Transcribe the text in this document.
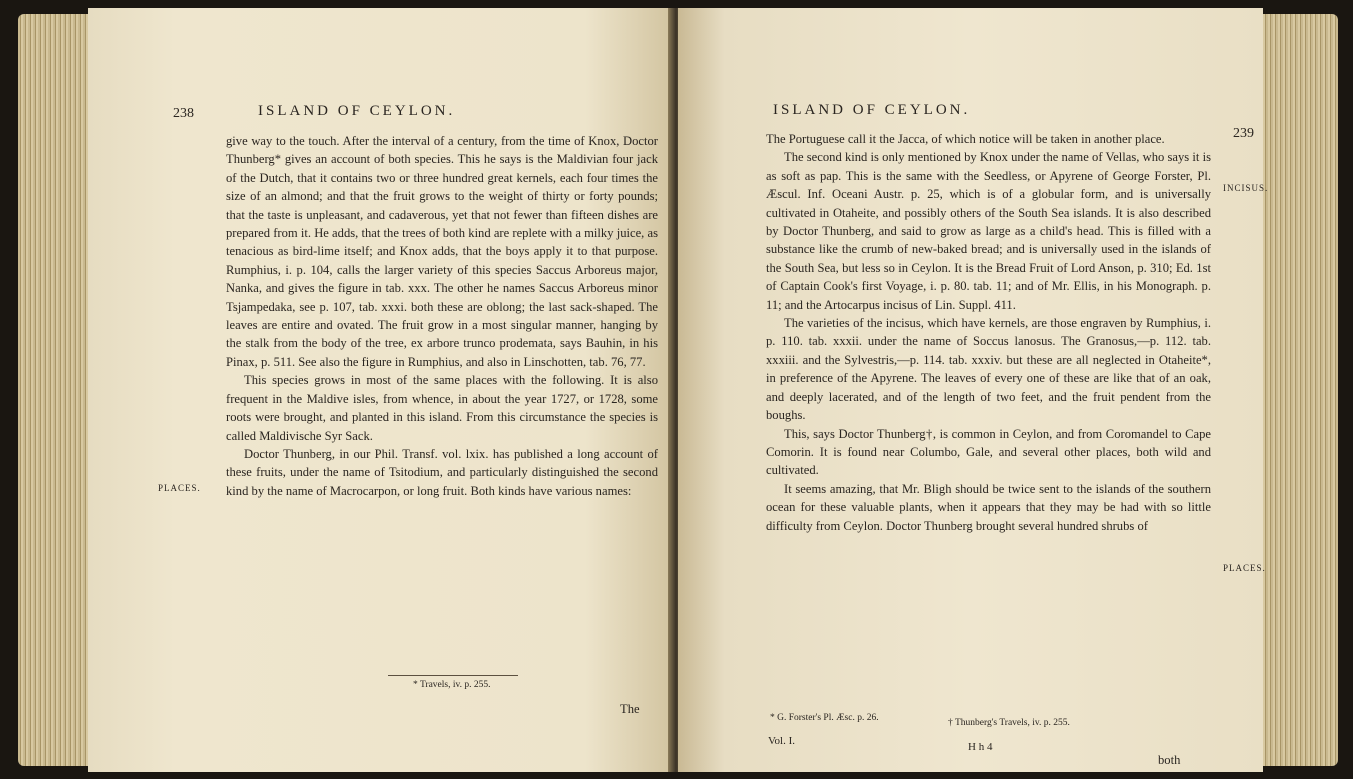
238	ISLAND OF CEYLON.
PLACES.

give way to the touch. After the interval of a century, from the time of Knox, Doctor Thunberg* gives an account of both species. This he says is the Maldivian four jack of the Dutch, that it contains two or three hundred great kernels, each four times the size of an almond; and that the fruit grows to the weight of thirty or forty pounds; that the taste is unpleasant, and cadaverous, yet that not fewer than fifteen dishes are prepared from it. He adds, that the trees of both kind are replete with a milky juice, as tenacious as bird-lime itself; and Knox adds, that the boys apply it to that purpose. Rumphius, i. p. 104, calls the larger variety of this species Saccus Arboreus major, Nanka, and gives the figure in tab. xxx. The other he names Saccus Arboreus minor Tsjampedaka, see p. 107, tab. xxxi. both these are oblong; the last sack-shaped. The leaves are entire and ovated. The fruit grow in a most singular manner, hanging by the stalk from the body of the tree, ex arbore trunco prodemata, says Bauhin, in his Pinax, p. 511. See also the figure in Rumphius, and also in Linschotten, tab. 76, 77.

This species grows in most of the same places with the following. It is also frequent in the Maldive isles, from whence, in about the year 1727, or 1728, some roots were brought, and planted in this island. From this circumstance the species is called Maldivische Syr Sack.

Doctor Thunberg, in our Phil. Transf. vol. lxix. has published a long account of these fruits, under the name of Tsitodium, and particularly distinguished the second kind by the name of Macrocarpon, or long fruit. Both kinds have various names:

* Travels, iv. p. 255.
The
ISLAND OF CEYLON.
239
INCISUS.
PLACES.

The Portuguese call it the Jacca, of which notice will be taken in another place.

The second kind is only mentioned by Knox under the name of Vellas, who says it is as soft as pap. This is the same with the Seedless, or Apyrene of George Forster, Pl. Æscul. Inf. Oceani Austr. p. 25, which is of a globular form, and is universally cultivated in Otaheite, and possibly others of the South Sea islands. It is also described by Doctor Thunberg, and said to grow as large as a child's head. This is filled with a substance like the crumb of new-baked bread; and is universally used in the islands of the South Sea, but less so in Ceylon. It is the Bread Fruit of Lord Anson, p. 310; Ed. 1st of Captain Cook's first Voyage, i. p. 80. tab. 11; and of Mr. Ellis, in his Monograph. p. 11; and the Artocarpus incisus of Lin. Suppl. 411.

The varieties of the incisus, which have kernels, are those engraven by Rumphius, i. p. 110. tab. xxxii. under the name of Soccus lanosus. The Granosus,—p. 112. tab. xxxiii. and the Sylvestris,—p. 114. tab. xxxiv. but these are all neglected in Otaheite*, in preference of the Apyrene. The leaves of every one of these are like that of an oak, and deeply lacerated, and of the length of two feet, and the fruit pendent from the boughs.

This, says Doctor Thunberg†, is common in Ceylon, and from Coromandel to Cape Comorin. It is found near Columbo, Gale, and several other places, both wild and cultivated.

It seems amazing, that Mr. Bligh should be twice sent to the islands of the southern ocean for these valuable plants, when it appears that they may be had with so little difficulty from Ceylon. Doctor Thunberg brought several hundred shrubs of

* G. Forster's Pl. Æsc. p. 26.	† Thunberg's Travels, iv. p. 255.
Vol. I.	H h 4
both
